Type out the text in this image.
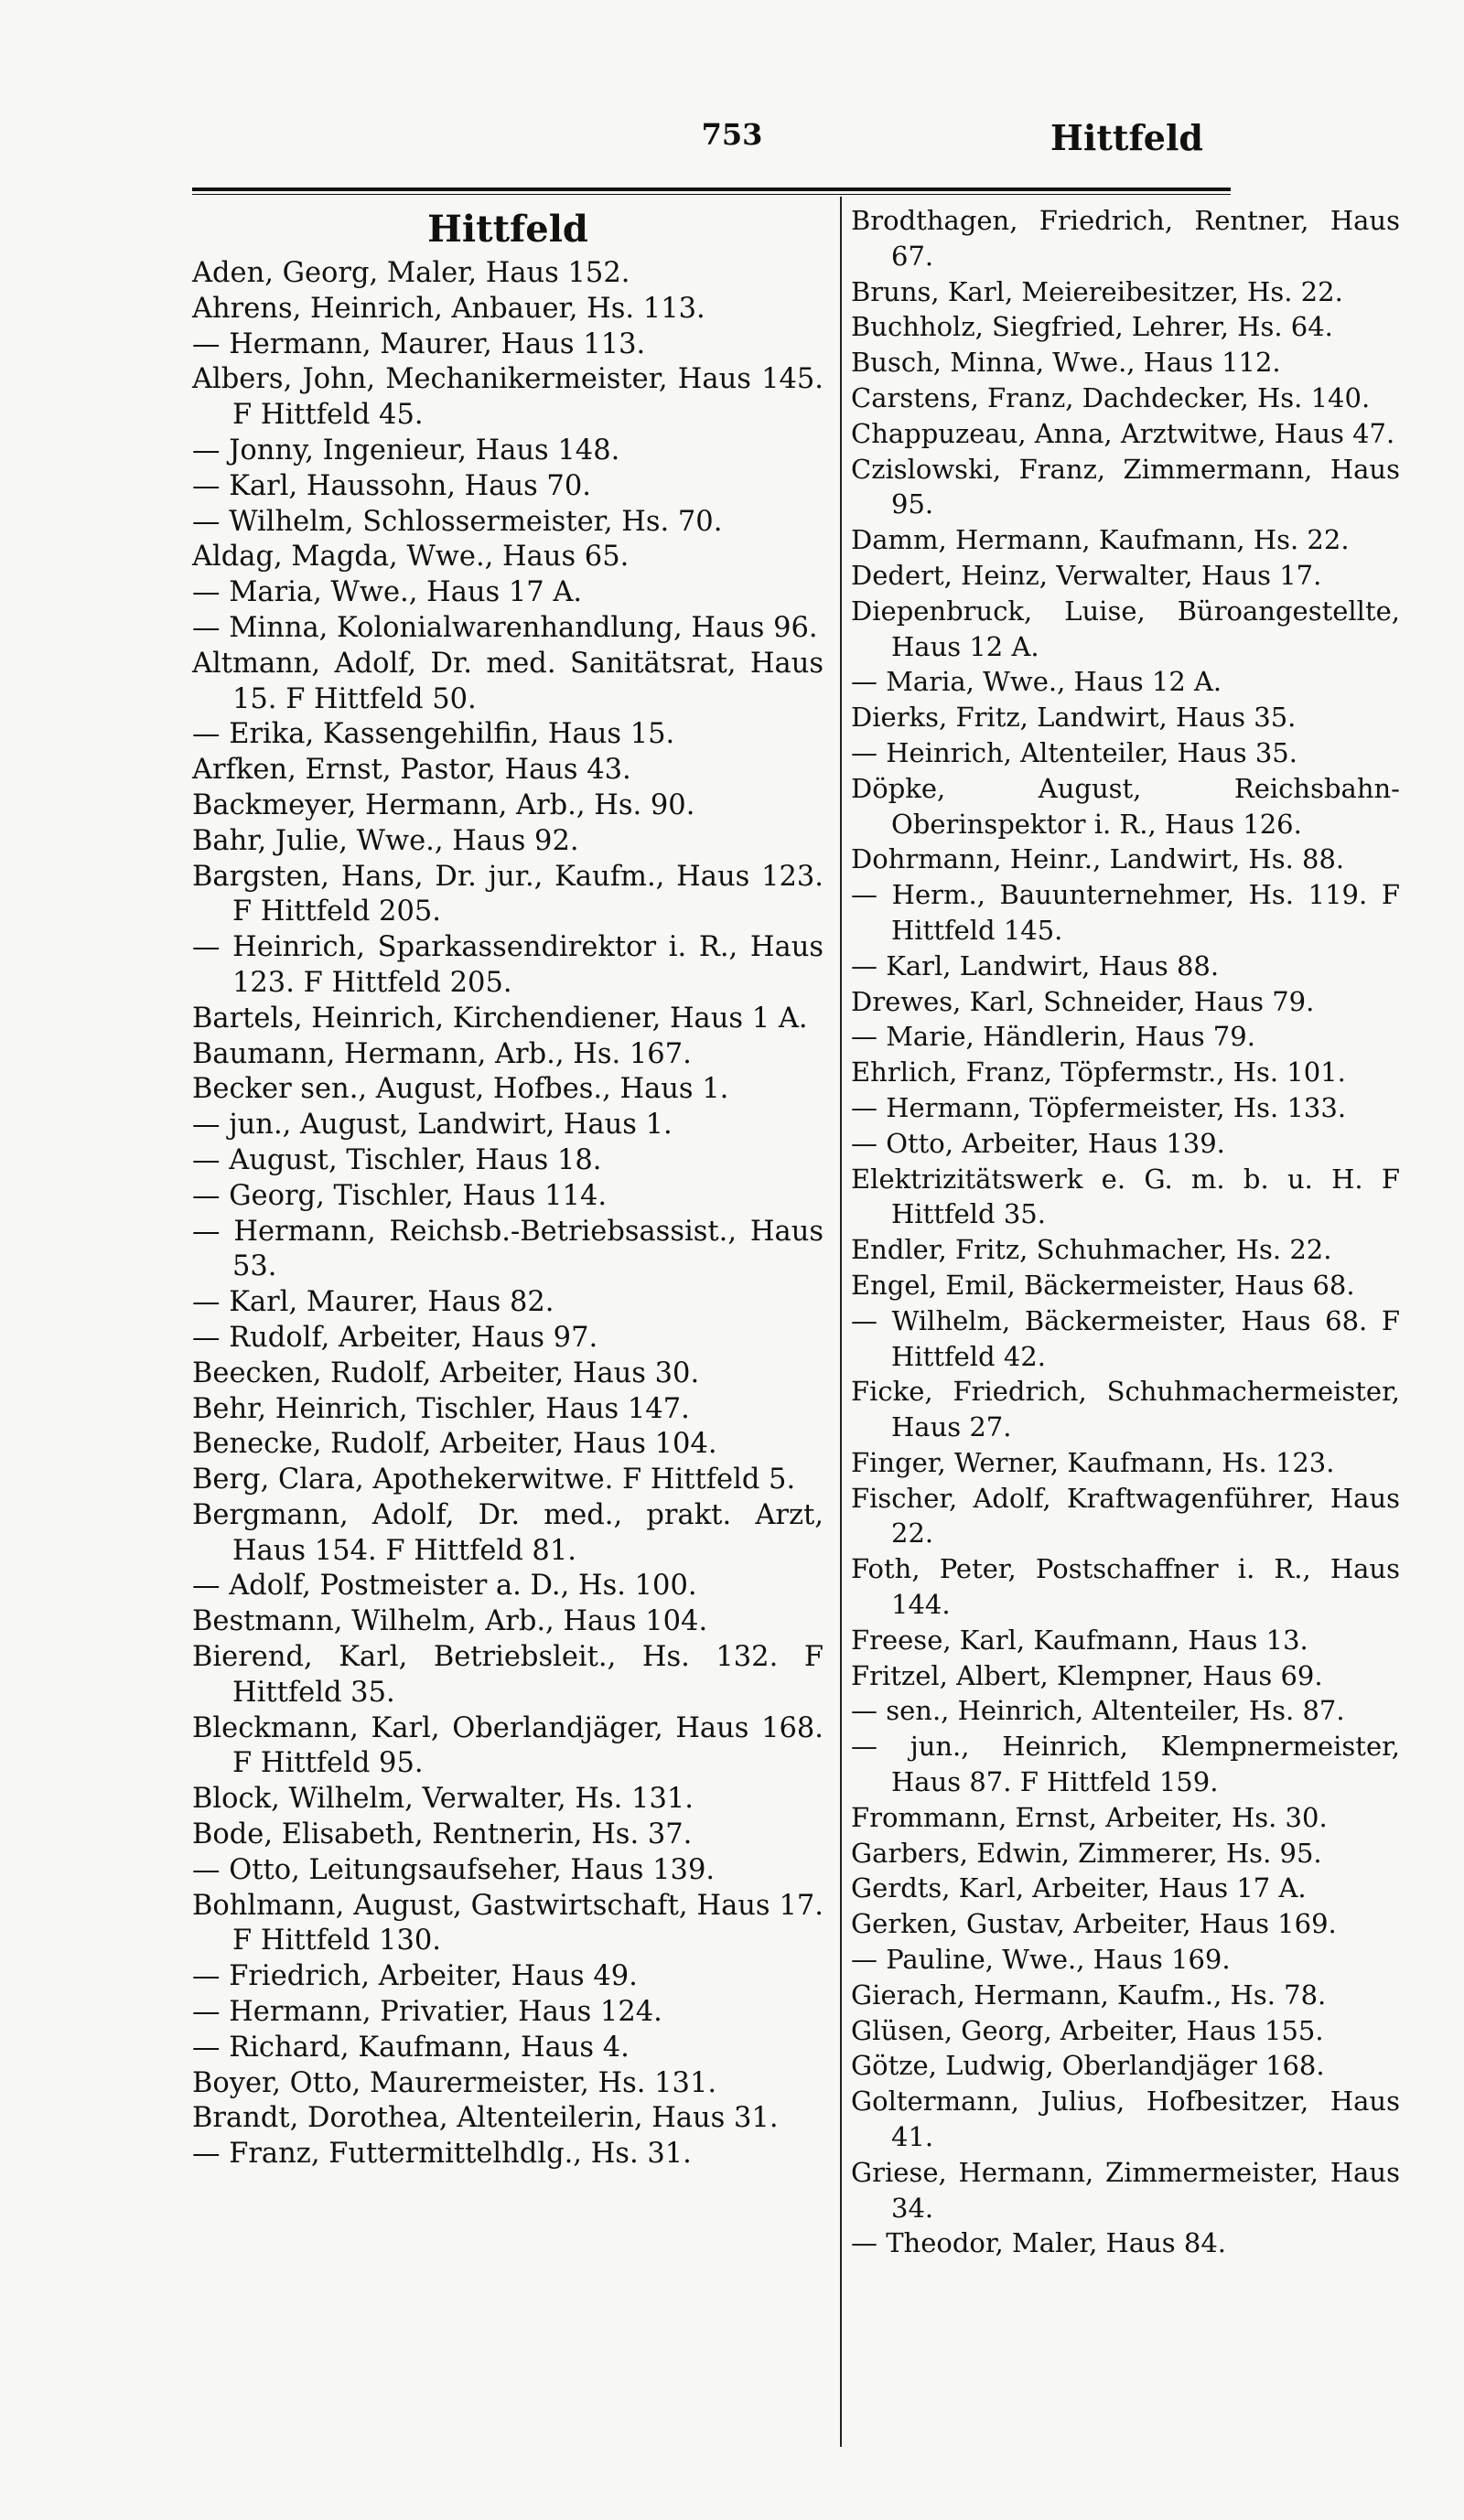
753	Hittfeld
Hittfeld
Aden, Georg, Maler, Haus 152.
Ahrens, Heinrich, Anbauer, Hs. 113.
— Hermann, Maurer, Haus 113.
Albers, John, Mechanikermeister, Haus 145. F Hittfeld 45.
— Jonny, Ingenieur, Haus 148.
— Karl, Haussohn, Haus 70.
— Wilhelm, Schlossermeister, Hs. 70.
Aldag, Magda, Wwe., Haus 65.
— Maria, Wwe., Haus 17 A.
— Minna, Kolonialwarenhandlung, Haus 96.
Altmann, Adolf, Dr. med. Sanitätsrat, Haus 15. F Hittfeld 50.
— Erika, Kassengehilfin, Haus 15.
Arfken, Ernst, Pastor, Haus 43.
Backmeyer, Hermann, Arb., Hs. 90.
Bahr, Julie, Wwe., Haus 92.
Bargsten, Hans, Dr. jur., Kaufm., Haus 123. F Hittfeld 205.
— Heinrich, Sparkassendirektor i. R., Haus 123. F Hittfeld 205.
Bartels, Heinrich, Kirchendiener, Haus 1 A.
Baumann, Hermann, Arb., Hs. 167.
Becker sen., August, Hofbes., Haus 1.
— jun., August, Landwirt, Haus 1.
— August, Tischler, Haus 18.
— Georg, Tischler, Haus 114.
— Hermann, Reichsb.-Betriebsassist., Haus 53.
— Karl, Maurer, Haus 82.
— Rudolf, Arbeiter, Haus 97.
Beecken, Rudolf, Arbeiter, Haus 30.
Behr, Heinrich, Tischler, Haus 147.
Benecke, Rudolf, Arbeiter, Haus 104.
Berg, Clara, Apothekerwitwe. F Hittfeld 5.
Bergmann, Adolf, Dr. med., prakt. Arzt, Haus 154. F Hittfeld 81.
— Adolf, Postmeister a. D., Hs. 100.
Bestmann, Wilhelm, Arb., Haus 104.
Bierend, Karl, Betriebsleit., Hs. 132. F Hittfeld 35.
Bleckmann, Karl, Oberlandjäger, Haus 168. F Hittfeld 95.
Block, Wilhelm, Verwalter, Hs. 131.
Bode, Elisabeth, Rentnerin, Hs. 37.
— Otto, Leitungsaufseher, Haus 139.
Bohlmann, August, Gastwirtschaft, Haus 17. F Hittfeld 130.
— Friedrich, Arbeiter, Haus 49.
— Hermann, Privatier, Haus 124.
— Richard, Kaufmann, Haus 4.
Boyer, Otto, Maurermeister, Hs. 131.
Brandt, Dorothea, Altenteilerin, Haus 31.
— Franz, Futtermittelhdlg., Hs. 31.
Brodthagen, Friedrich, Rentner, Haus 67.
Bruns, Karl, Meiereibesitzer, Hs. 22.
Buchholz, Siegfried, Lehrer, Hs. 64.
Busch, Minna, Wwe., Haus 112.
Carstens, Franz, Dachdecker, Hs. 140.
Chappuzeau, Anna, Arztwitwe, Haus 47.
Czislowski, Franz, Zimmermann, Haus 95.
Damm, Hermann, Kaufmann, Hs. 22.
Dedert, Heinz, Verwalter, Haus 17.
Diepenbruck, Luise, Büroangestellte, Haus 12 A.
— Maria, Wwe., Haus 12 A.
Dierks, Fritz, Landwirt, Haus 35.
— Heinrich, Altenteiler, Haus 35.
Döpke, August, Reichsbahn-Oberinspektor i. R., Haus 126.
Dohrmann, Heinr., Landwirt, Hs. 88.
— Herm., Bauunternehmer, Hs. 119. F Hittfeld 145.
— Karl, Landwirt, Haus 88.
Drewes, Karl, Schneider, Haus 79.
— Marie, Händlerin, Haus 79.
Ehrlich, Franz, Töpfermstr., Hs. 101.
— Hermann, Töpfermeister, Hs. 133.
— Otto, Arbeiter, Haus 139.
Elektrizitätswerk e. G. m. b. u. H. F Hittfeld 35.
Endler, Fritz, Schuhmacher, Hs. 22.
Engel, Emil, Bäckermeister, Haus 68.
— Wilhelm, Bäckermeister, Haus 68. F Hittfeld 42.
Ficke, Friedrich, Schuhmachermeister, Haus 27.
Finger, Werner, Kaufmann, Hs. 123.
Fischer, Adolf, Kraftwagenführer, Haus 22.
Foth, Peter, Postschaffner i. R., Haus 144.
Freese, Karl, Kaufmann, Haus 13.
Fritzel, Albert, Klempner, Haus 69.
— sen., Heinrich, Altenteiler, Hs. 87.
— jun., Heinrich, Klempnermeister, Haus 87. F Hittfeld 159.
Frommann, Ernst, Arbeiter, Hs. 30.
Garbers, Edwin, Zimmerer, Hs. 95.
Gerdts, Karl, Arbeiter, Haus 17 A.
Gerken, Gustav, Arbeiter, Haus 169.
— Pauline, Wwe., Haus 169.
Gierach, Hermann, Kaufm., Hs. 78.
Glüsen, Georg, Arbeiter, Haus 155.
Götze, Ludwig, Oberlandjäger 168.
Goltermann, Julius, Hofbesitzer, Haus 41.
Griese, Hermann, Zimmermeister, Haus 34.
— Theodor, Maler, Haus 84.
